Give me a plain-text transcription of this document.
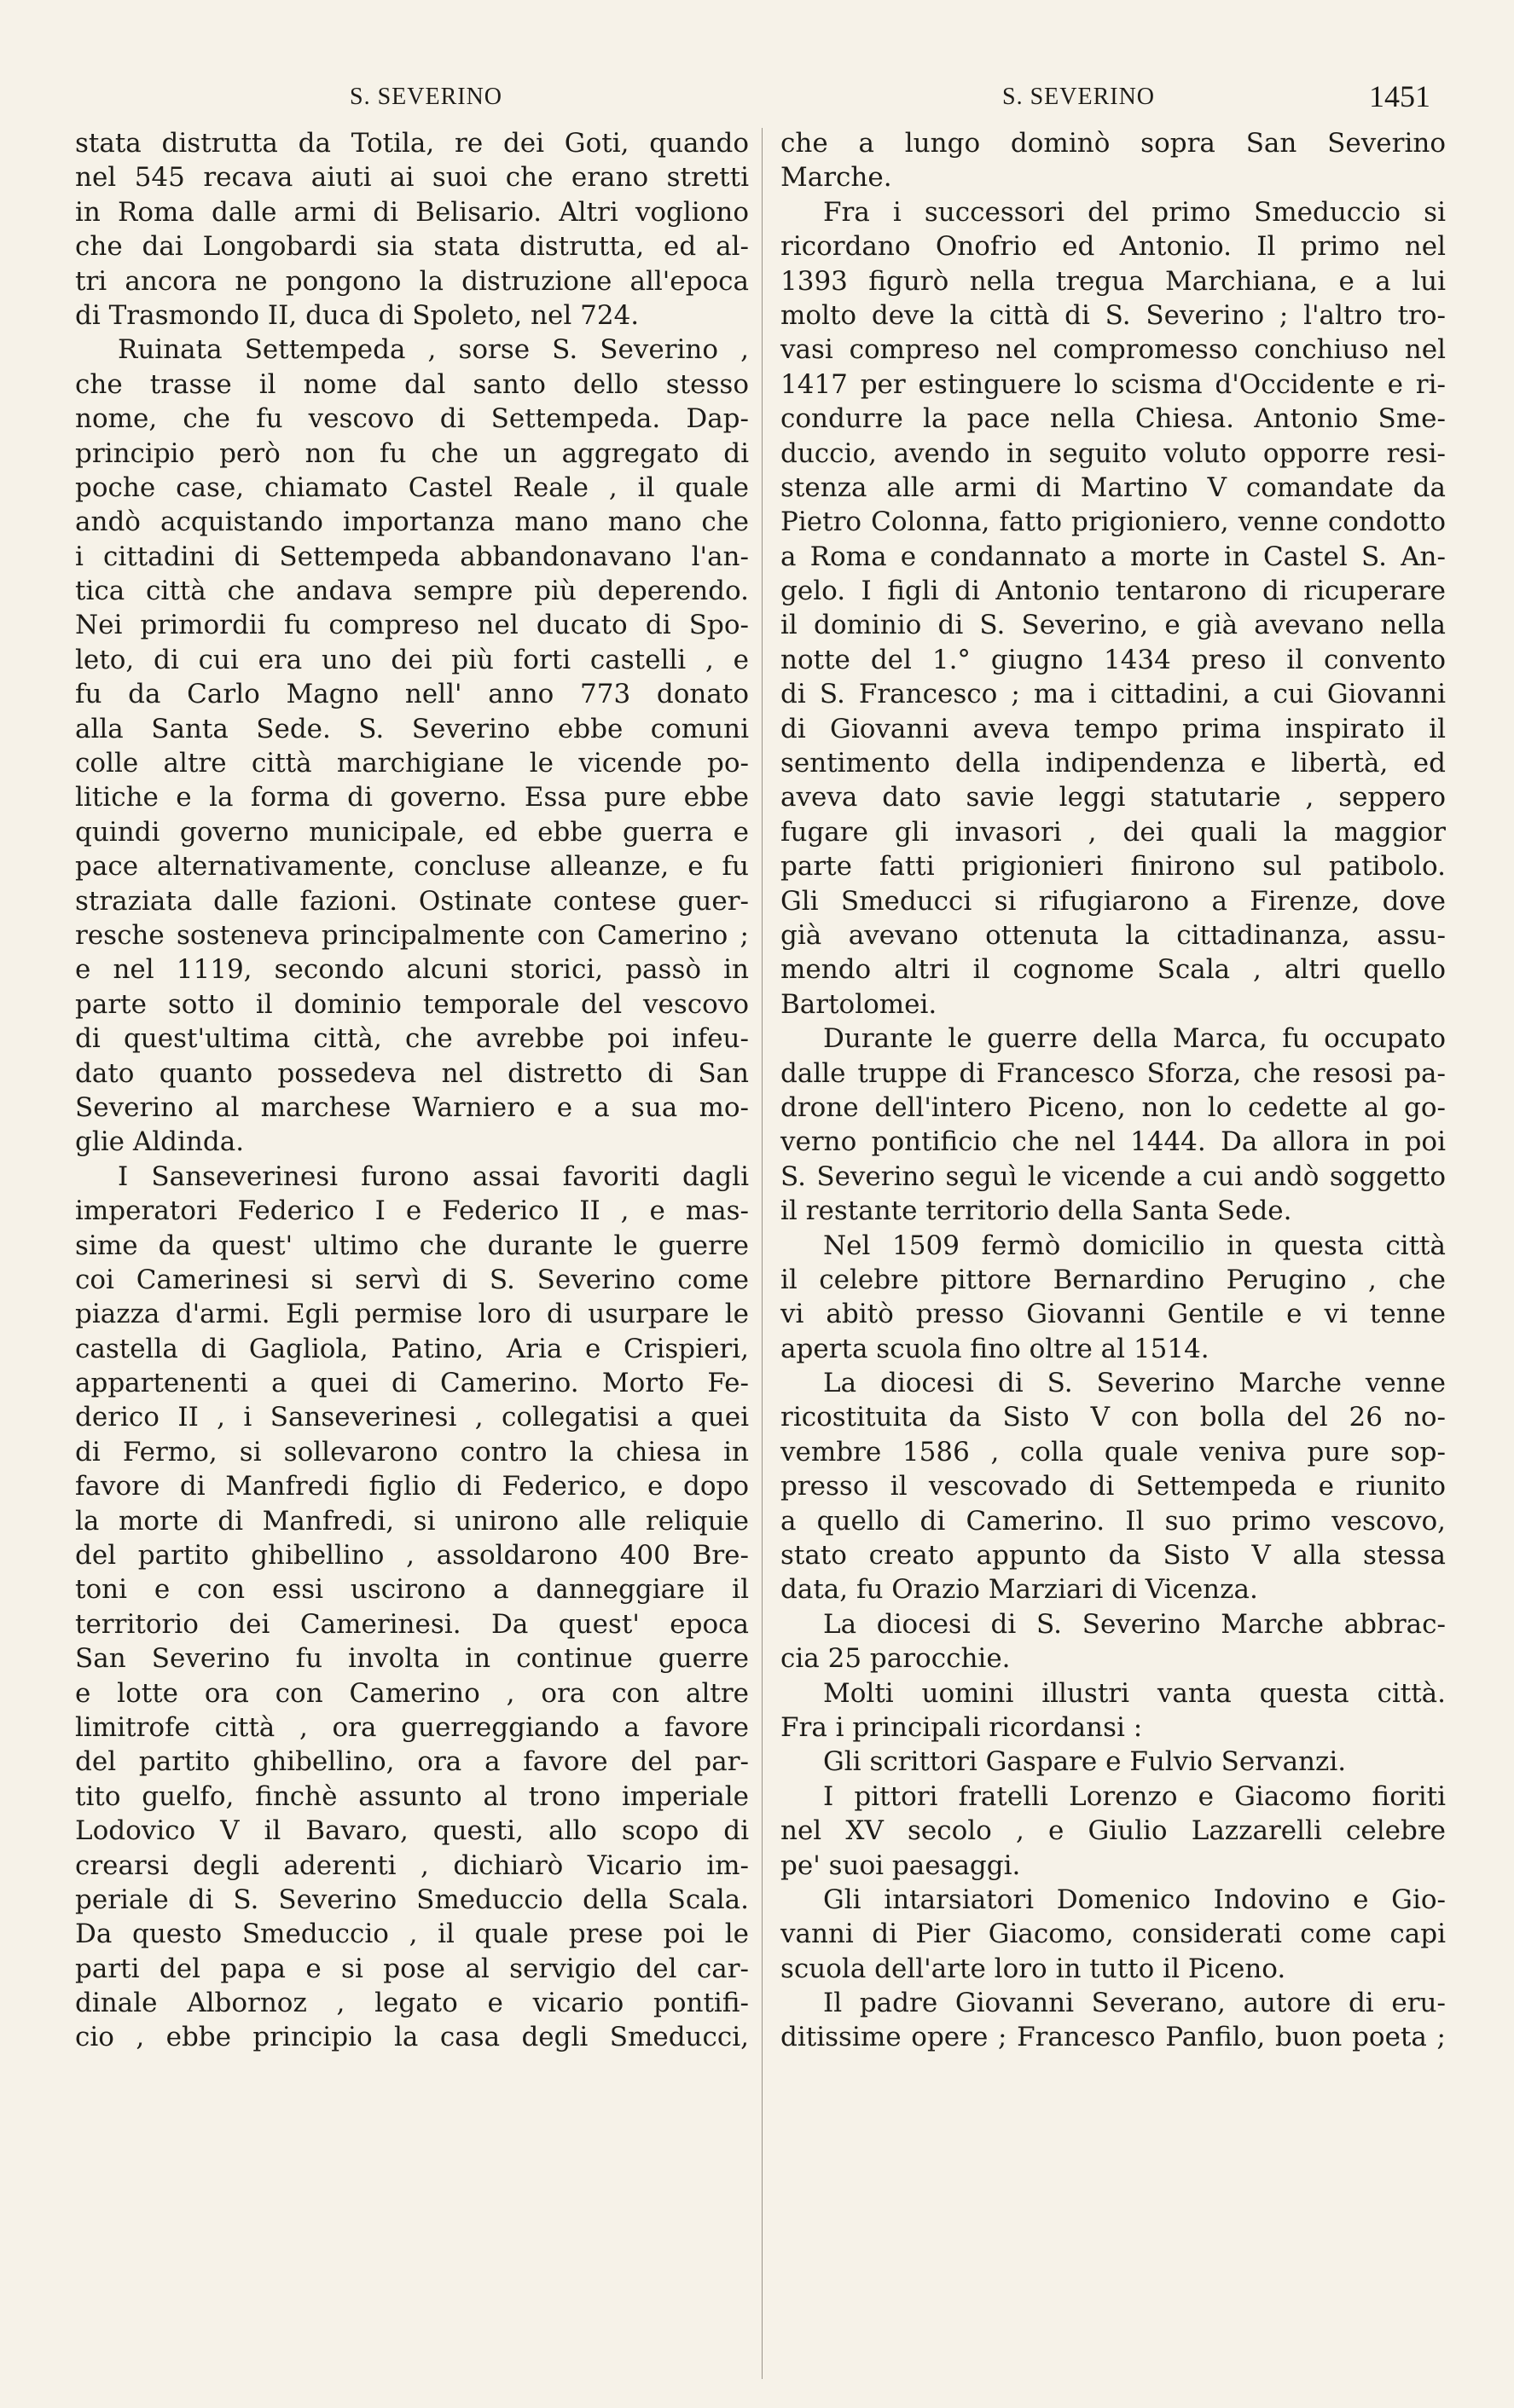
S. SEVERINO	S. SEVERINO	1451
stata distrutta da Totila, re dei Goti, quando
nel 545 recava aiuti ai suoi che erano stretti
in Roma dalle armi di Belisario. Altri vogliono
che dai Longobardi sia stata distrutta, ed al-
tri ancora ne pongono la distruzione all'epoca
di Trasmondo II, duca di Spoleto, nel 724.
Ruinata Settempeda , sorse S. Severino ,
che trasse il nome dal santo dello stesso
nome, che fu vescovo di Settempeda. Dap-
principio però non fu che un aggregato di
poche case, chiamato Castel Reale , il quale
andò acquistando importanza mano mano che
i cittadini di Settempeda abbandonavano l'an-
tica città che andava sempre più deperendo.
Nei primordii fu compreso nel ducato di Spo-
leto, di cui era uno dei più forti castelli , e
fu da Carlo Magno nell' anno 773 donato
alla Santa Sede. S. Severino ebbe comuni
colle altre città marchigiane le vicende po-
litiche e la forma di governo. Essa pure ebbe
quindi governo municipale, ed ebbe guerra e
pace alternativamente, concluse alleanze, e fu
straziata dalle fazioni. Ostinate contese guer-
resche sosteneva principalmente con Camerino ;
e nel 1119, secondo alcuni storici, passò in
parte sotto il dominio temporale del vescovo
di quest'ultima città, che avrebbe poi infeu-
dato quanto possedeva nel distretto di San
Severino al marchese Warniero e a sua mo-
glie Aldinda.
I Sanseverinesi furono assai favoriti dagli
imperatori Federico I e Federico II , e mas-
sime da quest' ultimo che durante le guerre
coi Camerinesi si servì di S. Severino come
piazza d'armi. Egli permise loro di usurpare le
castella di Gagliola, Patino, Aria e Crispieri,
appartenenti a quei di Camerino. Morto Fe-
derico II , i Sanseverinesi , collegatisi a quei
di Fermo, si sollevarono contro la chiesa in
favore di Manfredi figlio di Federico, e dopo
la morte di Manfredi, si unirono alle reliquie
del partito ghibellino , assoldarono 400 Bre-
toni e con essi uscirono a danneggiare il
territorio dei Camerinesi. Da quest' epoca
San Severino fu involta in continue guerre
e lotte ora con Camerino , ora con altre
limitrofe città , ora guerreggiando a favore
del partito ghibellino, ora a favore del par-
tito guelfo, finchè assunto al trono imperiale
Lodovico V il Bavaro, questi, allo scopo di
crearsi degli aderenti , dichiarò Vicario im-
periale di S. Severino Smeduccio della Scala.
Da questo Smeduccio , il quale prese poi le
parti del papa e si pose al servigio del car-
dinale Albornoz , legato e vicario pontifi-
cio , ebbe principio la casa degli Smeducci,
che a lungo dominò sopra San Severino
Marche.
Fra i successori del primo Smeduccio si
ricordano Onofrio ed Antonio. Il primo nel
1393 figurò nella tregua Marchiana, e a lui
molto deve la città di S. Severino ; l'altro tro-
vasi compreso nel compromesso conchiuso nel
1417 per estinguere lo scisma d'Occidente e ri-
condurre la pace nella Chiesa. Antonio Sme-
duccio, avendo in seguito voluto opporre resi-
stenza alle armi di Martino V comandate da
Pietro Colonna, fatto prigioniero, venne condotto
a Roma e condannato a morte in Castel S. An-
gelo. I figli di Antonio tentarono di ricuperare
il dominio di S. Severino, e già avevano nella
notte del 1.° giugno 1434 preso il convento
di S. Francesco ; ma i cittadini, a cui Giovanni
di Giovanni aveva tempo prima inspirato il
sentimento della indipendenza e libertà, ed
aveva dato savie leggi statutarie , seppero
fugare gli invasori , dei quali la maggior
parte fatti prigionieri finirono sul patibolo.
Gli Smeducci si rifugiarono a Firenze, dove
già avevano ottenuta la cittadinanza, assu-
mendo altri il cognome Scala , altri quello
Bartolomei.
Durante le guerre della Marca, fu occupato
dalle truppe di Francesco Sforza, che resosi pa-
drone dell'intero Piceno, non lo cedette al go-
verno pontificio che nel 1444. Da allora in poi
S. Severino seguì le vicende a cui andò soggetto
il restante territorio della Santa Sede.
Nel 1509 fermò domicilio in questa città
il celebre pittore Bernardino Perugino , che
vi abitò presso Giovanni Gentile e vi tenne
aperta scuola fino oltre al 1514.
La diocesi di S. Severino Marche venne
ricostituita da Sisto V con bolla del 26 no-
vembre 1586 , colla quale veniva pure sop-
presso il vescovado di Settempeda e riunito
a quello di Camerino. Il suo primo vescovo,
stato creato appunto da Sisto V alla stessa
data, fu Orazio Marziari di Vicenza.
La diocesi di S. Severino Marche abbrac-
cia 25 parocchie.
Molti uomini illustri vanta questa città.
Fra i principali ricordansi :
Gli scrittori Gaspare e Fulvio Servanzi.
I pittori fratelli Lorenzo e Giacomo fioriti
nel XV secolo , e Giulio Lazzarelli celebre
pe' suoi paesaggi.
Gli intarsiatori Domenico Indovino e Gio-
vanni di Pier Giacomo, considerati come capi
scuola dell'arte loro in tutto il Piceno.
Il padre Giovanni Severano, autore di eru-
ditissime opere ; Francesco Panfilo, buon poeta ;
